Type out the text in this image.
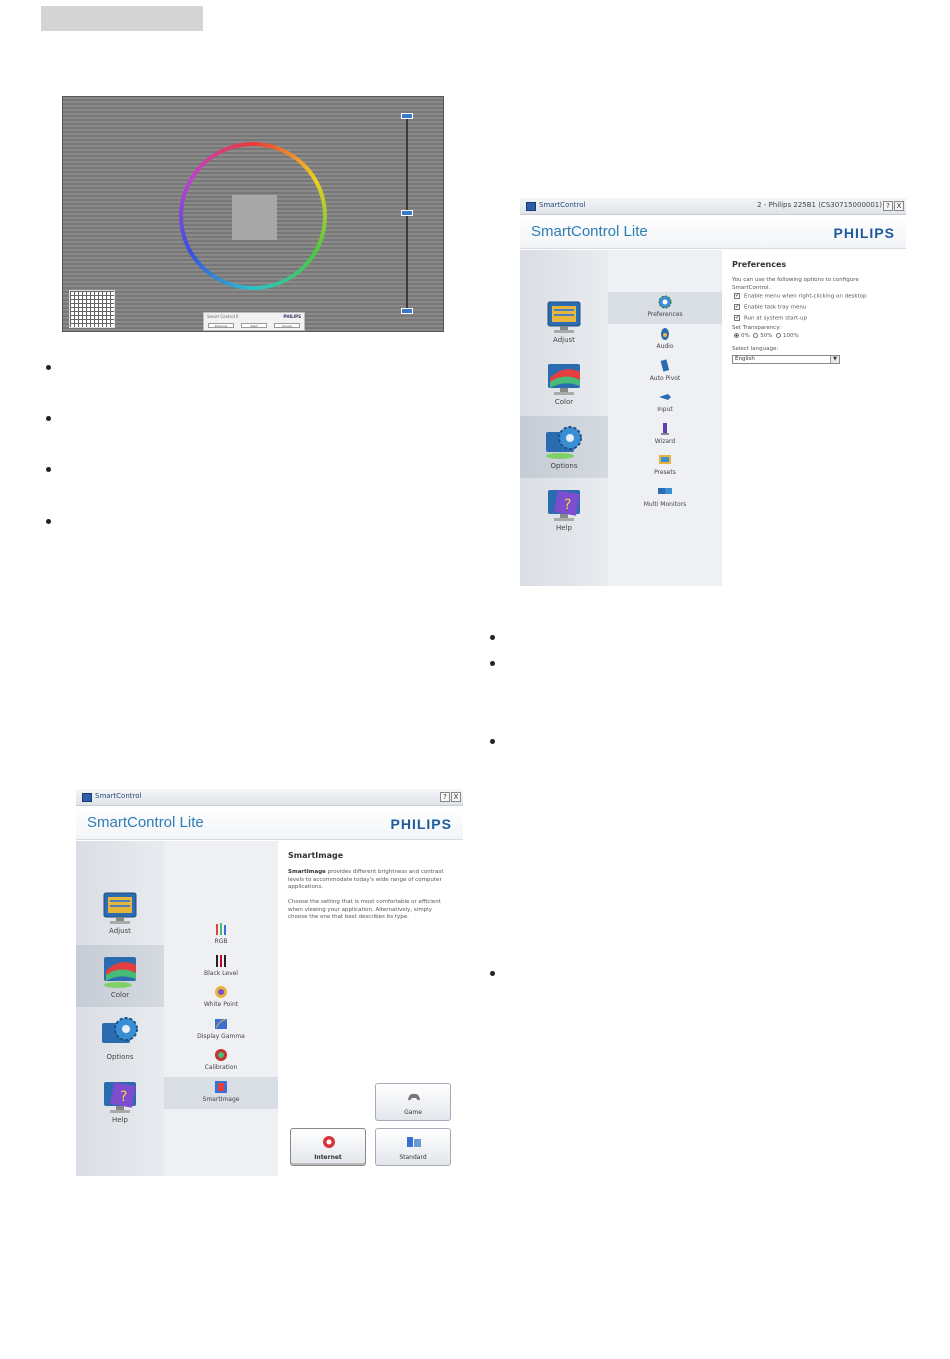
Smart Control II	PHILIPS
Previous	Start	Cancel
SmartControl	2 - Philips 225B1 (CS30715000001) ? X
SmartControl Lite	PHILIPS
Adjust
Color
Options
?
Help
Preferences
Audio
Auto Pivot
Input
Wizard
Presets
Multi Monitors
Preferences
You can use the following options to configure SmartControl.
✔ Enable menu when right-clicking on desktop
✔ Enable task tray menu
✔ Run at system start-up
Set Transparency:
0% 50% 100%
Select language:
English	▼
SmartControl	? X
SmartControl Lite	PHILIPS
Adjust
Color
Options
?
Help
RGB
Black Level
White Point
Display Gamma
Calibration
SmartImage
SmartImage
SmartImage provides different brightness and contrast levels to accommodate today's wide range of computer applications.
Choose the setting that is most comfortable or efficient when viewing your application. Alternatively, simply choose the one that best describes its type.
Game
Internet	Standard
